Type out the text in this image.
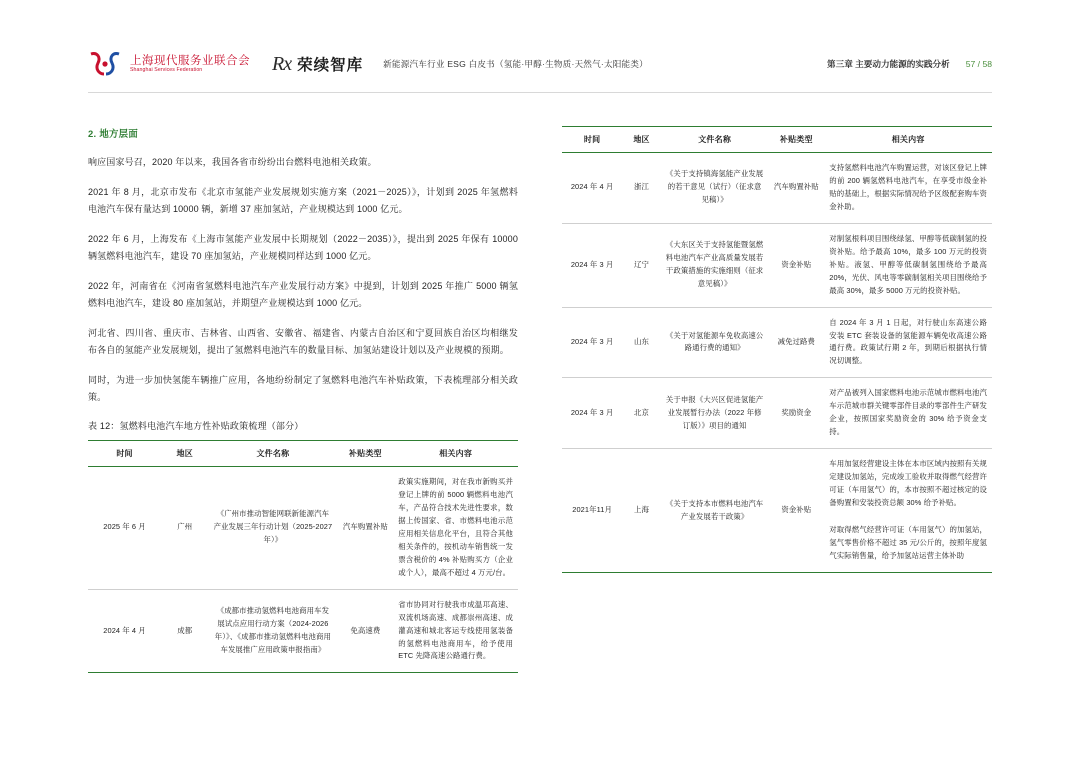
上海现代服务业联合会
Shanghai Services Federation	Rx 荣续智库 新能源汽车行业 ESG 白皮书（氢能·甲醇·生物质·天然气·太阳能类）	第三章 主要动力能源的实践分析 57 / 58
2. 地方层面

响应国家号召，2020 年以来，我国各省市纷纷出台燃料电池相关政策。

2021 年 8 月，北京市发布《北京市氢能产业发展规划实施方案（2021－2025）》，计划到 2025 年氢燃料电池汽车保有量达到 10000 辆，新增 37 座加氢站，产业规模达到 1000 亿元。

2022 年 6 月，上海发布《上海市氢能产业发展中长期规划（2022－2035）》，提出到 2025 年保有 10000 辆氢燃料电池汽车，建设 70 座加氢站，产业规模同样达到 1000 亿元。

2022 年，河南省在《河南省氢燃料电池汽车产业发展行动方案》中提到，计划到 2025 年推广 5000 辆氢燃料电池汽车，建设 80 座加氢站，并期望产业规模达到 1000 亿元。

河北省、四川省、重庆市、吉林省、山西省、安徽省、福建省、内蒙古自治区和宁夏回族自治区均相继发布各自的氢能产业发展规划，提出了氢燃料电池汽车的数量目标、加氢站建设计划以及产业规模的预期。

同时，为进一步加快氢能车辆推广应用，各地纷纷制定了氢燃料电池汽车补贴政策，下表梳理部分相关政策。

表 12：氢燃料电池汽车地方性补贴政策梳理（部分）
时间	地区	文件名称	补贴类型	相关内容
2025 年 6 月	广州	《广州市推动智能网联新能源汽车产业发展三年行动计划（2025-2027 年）》	汽车购置补贴	政策实施期间，对在我市新购买并登记上牌的前 5000 辆燃料电池汽车，产品符合技术先进性要求，数据上传国家、省、市燃料电池示范应用相关信息化平台，且符合其他相关条件的，按机动车销售统一发票含税价的 4% 补贴购买方（企业或个人），最高不超过 4 万元/台。
2024 年 4 月	成都	《成都市推动氢燃料电池商用车发展试点应用行动方案（2024-2026 年）》、《成都市推动氢燃料电池商用车发展推广应用政策申报指南》	免高速费	省市协同对行驶我市成温邛高速、双流机场高速、成都崇州高速、成灌高速和城北客运专线使用氢装备的氢燃料电池商用车，给予使用 ETC 先降高速公路通行费。
时间	地区	文件名称	补贴类型	相关内容
2024 年 4 月	浙江	《关于支持镇海氢能产业发展的若干意见（试行）（征求意见稿）》	汽车购置补贴	支持氢燃料电池汽车购置运营，对该区登记上牌的前 200 辆氢燃料电池汽车，在享受市级金补贴的基础上，根据实际情况给予区级配套购车资金补助。
2024 年 3 月	辽宁	《大东区关于支持氢能暨氢燃料电池汽车产业高质量发展若干政策措施的实施细则（征求意见稿）》	资金补贴	对制氢根料项目围绕绿氢、甲醇等低碳制氢的投资补贴。给予最高 10%，最多 100 万元的投资补贴。液氢、甲醇等低碳制氢围绕给予最高 20%，光伏、风电等零碳制氢相关项目围绕给予最高 30%，最多 5000 万元的投资补贴。
2024 年 3 月	山东	《关于对氢能源车免收高速公路通行费的通知》	减免过路费	自 2024 年 3 月 1 日起，对行驶山东高速公路安装 ETC 套装设备的氢能源车辆免收高速公路通行费。政策试行期 2 年，到期后根据执行情况切调整。
2024 年 3 月	北京	关于申报《大兴区促进氢能产业发展暂行办法（2022 年修订版）》项目的通知	奖励资金	对产品被列入国家燃料电池示范城市燃料电池汽车示范城市群关键零部件目录的零部件生产研发企业，按照国家奖励资金的 30% 给予资金支持。
2021年11月	上海	《关于支持本市燃料电池汽车产业发展若干政策》	资金补贴	车用加氢经营建设主体在本市区域内按照有关规定建设加氢站，完成竣工验收并取得燃气经营许可证（车用氢气）的，本市按照不超过核定的设备购置和安装投资总额 30% 给予补贴。
对取得燃气经营许可证（车用氢气）的加氢站，氢气零售价格不超过 35 元/公斤的，按照年度氢气实际销售量，给予加氢站运营主体补助
